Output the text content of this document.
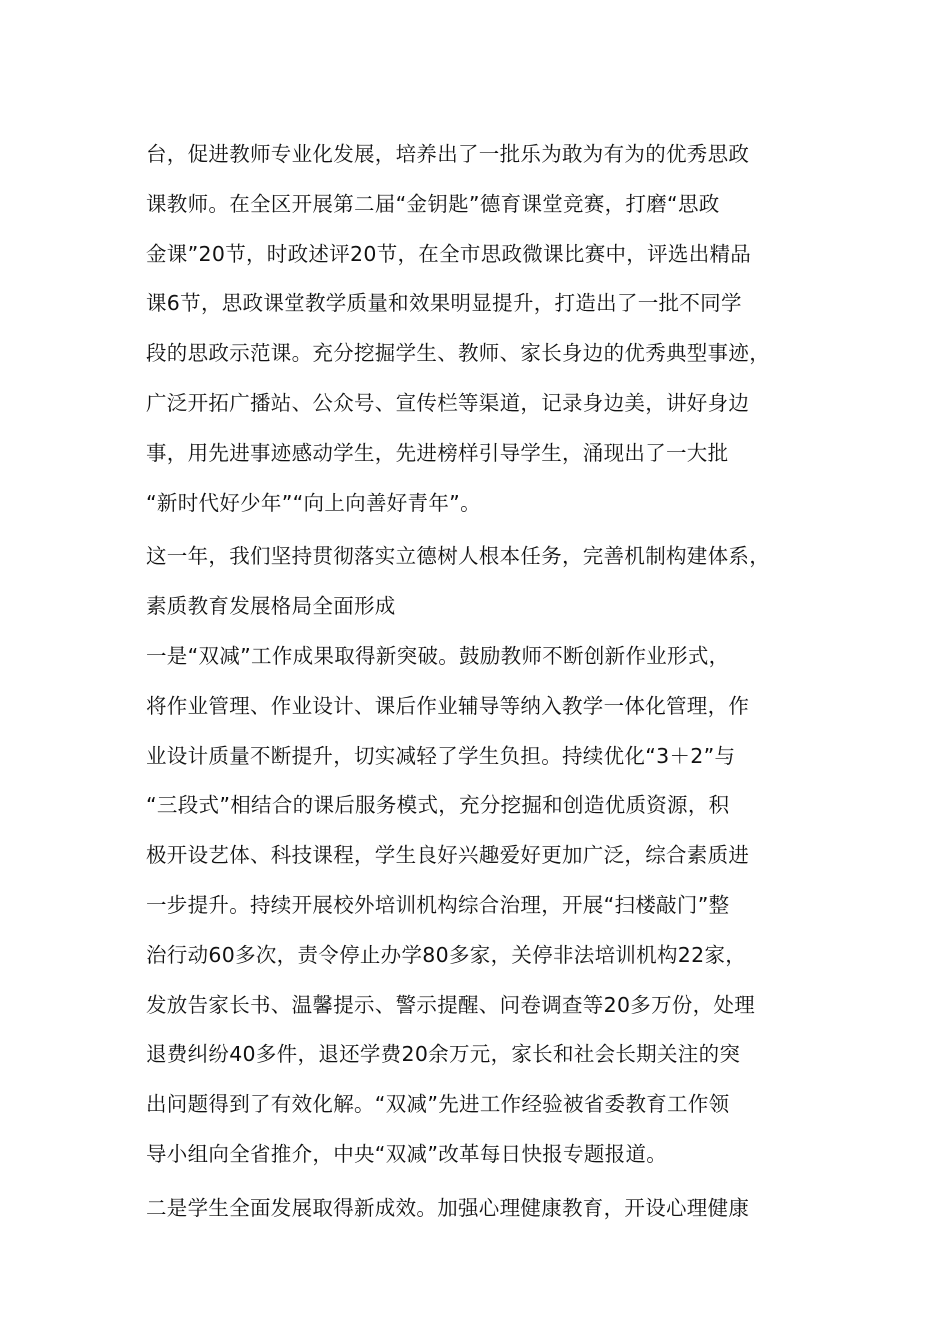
台，促进教师专业化发展，培养出了一批乐为敢为有为的优秀思政
课教师。在全区开展第二届“金钥匙”德育课堂竞赛，打磨“思政
金课”20节，时政述评20节，在全市思政微课比赛中，评选出精品
课6节，思政课堂教学质量和效果明显提升，打造出了一批不同学
段的思政示范课。充分挖掘学生、教师、家长身边的优秀典型事迹，
广泛开拓广播站、公众号、宣传栏等渠道，记录身边美，讲好身边
事，用先进事迹感动学生，先进榜样引导学生，涌现出了一大批
“新时代好少年”“向上向善好青年”。
这一年，我们坚持贯彻落实立德树人根本任务，完善机制构建体系，
素质教育发展格局全面形成
一是“双减”工作成果取得新突破。鼓励教师不断创新作业形式，
将作业管理、作业设计、课后作业辅导等纳入教学一体化管理，作
业设计质量不断提升，切实减轻了学生负担。持续优化“3＋2”与
“三段式”相结合的课后服务模式，充分挖掘和创造优质资源，积
极开设艺体、科技课程，学生良好兴趣爱好更加广泛，综合素质进
一步提升。持续开展校外培训机构综合治理，开展“扫楼敲门”整
治行动60多次，责令停止办学80多家，关停非法培训机构22家，
发放告家长书、温馨提示、警示提醒、问卷调查等20多万份，处理
退费纠纷40多件，退还学费20余万元，家长和社会长期关注的突
出问题得到了有效化解。“双减”先进工作经验被省委教育工作领
导小组向全省推介，中央“双减”改革每日快报专题报道。
二是学生全面发展取得新成效。加强心理健康教育，开设心理健康
